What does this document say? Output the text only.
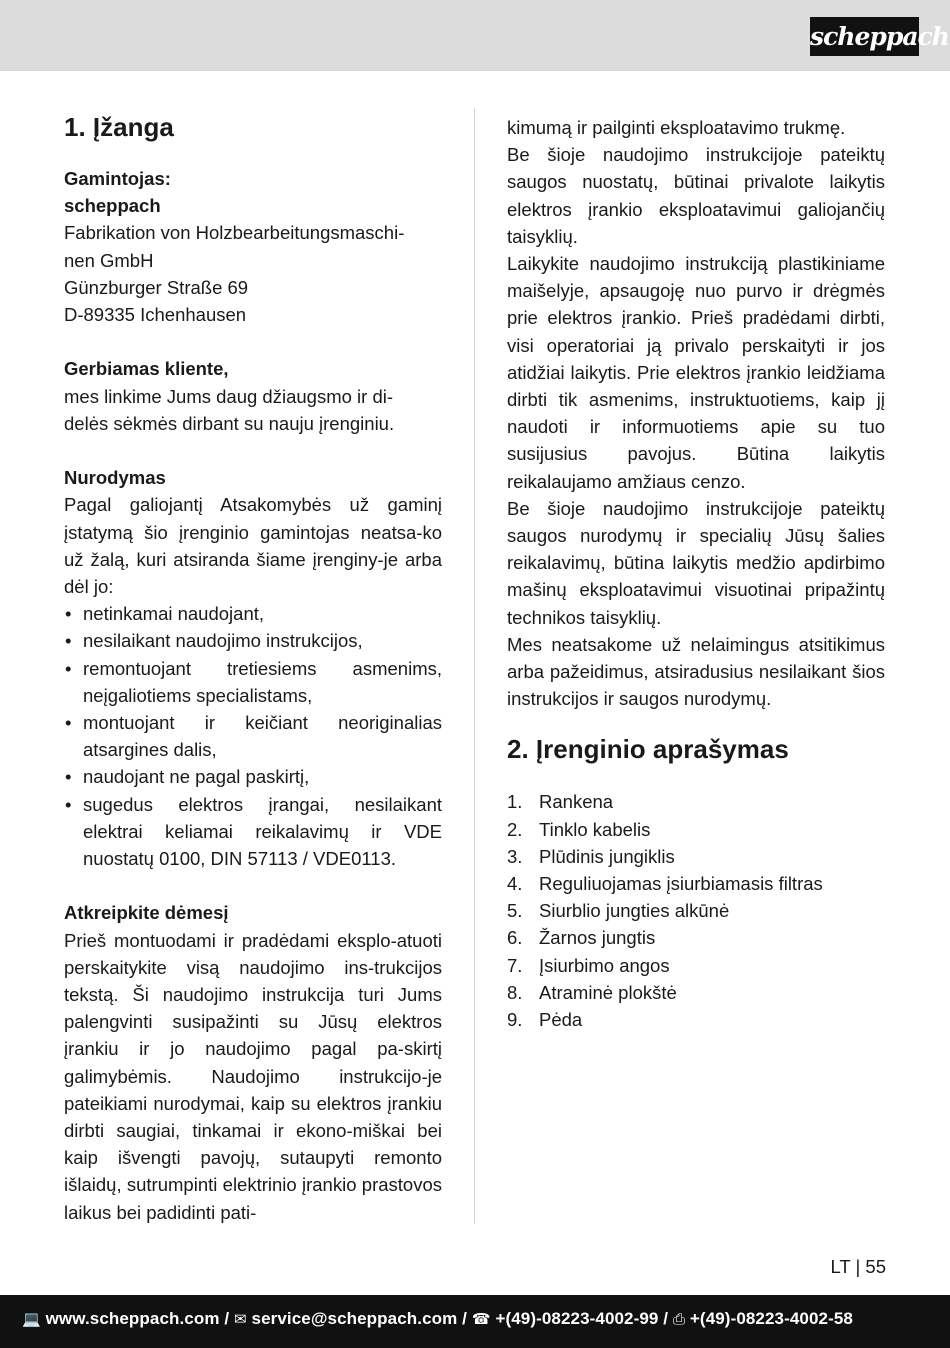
scheppach
1. Įžanga

Gamintojas:

scheppach

Fabrikation von Holzbearbeitungsmaschi-
nen GmbH

Günzburger Straße 69

D-89335 Ichenhausen

Gerbiamas kliente,

mes linkime Jums daug džiaugsmo ir di-
delės sėkmės dirbant su nauju įrenginiu.

Nurodymas

Pagal galiojantį Atsakomybės už gaminį įstatymą šio įrenginio gamintojas neatsa-ko už žalą, kuri atsiranda šiame įrenginy-je arba dėl jo:

• netinkamai naudojant,
• nesilaikant naudojimo instrukcijos,
• remontuojant tretiesiems asmenims, neįgaliotiems specialistams,
• montuojant ir keičiant neoriginalias atsargines dalis,
• naudojant ne pagal paskirtį,
• sugedus elektros įrangai, nesilaikant elektrai keliamai reikalavimų ir VDE nuostatų 0100, DIN 57113 / VDE0113.

Atkreipkite dėmesį

Prieš montuodami ir pradėdami eksplo-atuoti perskaitykite visą naudojimo ins-trukcijos tekstą. Ši naudojimo instrukcija turi Jums palengvinti susipažinti su Jūsų elektros įrankiu ir jo naudojimo pagal pa-skirtį galimybėmis. Naudojimo instrukcijo-je pateikiami nurodymai, kaip su elektros įrankiu dirbti saugiai, tinkamai ir ekono-miškai bei kaip išvengti pavojų, sutaupyti remonto išlaidų, sutrumpinti elektrinio įrankio prastovos laikus bei padidinti pati-

kimumą ir pailginti eksploatavimo trukmę.

Be šioje naudojimo instrukcijoje pateiktų saugos nuostatų, būtinai privalote laikytis elektros įrankio eksploatavimui galiojančių taisyklių.

Laikykite naudojimo instrukciją plastikiniame maišelyje, apsaugoję nuo purvo ir drėgmės prie elektros įrankio. Prieš pradėdami dirbti, visi operatoriai ją privalo perskaityti ir jos atidžiai laikytis. Prie elektros įrankio leidžiama dirbti tik asmenims, instruktuotiems, kaip jį naudoti ir informuotiems apie su tuo susijusius pavojus. Būtina laikytis reikalaujamo amžiaus cenzo.

Be šioje naudojimo instrukcijoje pateiktų saugos nurodymų ir specialių Jūsų šalies reikalavimų, būtina laikytis medžio apdirbimo mašinų eksploatavimui visuotinai pripažintų technikos taisyklių.

Mes neatsakome už nelaimingus atsitikimus arba pažeidimus, atsiradusius nesilaikant šios instrukcijos ir saugos nurodymų.

2. Įrenginio aprašymas
1. Rankena
2. Tinklo kabelis
3. Plūdinis jungiklis
4. Reguliuojamas įsiurbiamasis filtras
5. Siurblio jungties alkūnė
6. Žarnos jungtis
7. Įsiurbimo angos
8. Atraminė plokštė
9. Pėda
LT | 55
💻 www.scheppach.com / ✉ service@scheppach.com / ☎ +(49)-08223-4002-99 / ⎙ +(49)-08223-4002-58
